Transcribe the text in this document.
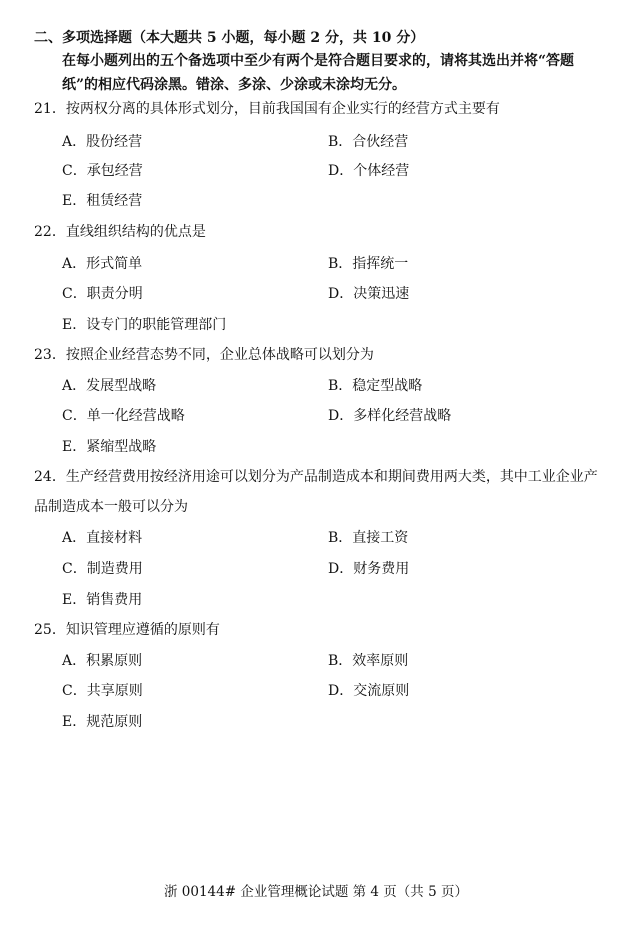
二、多项选择题（本大题共 5 小题，每小题 2 分，共 10 分）
在每小题列出的五个备选项中至少有两个是符合题目要求的，请将其选出并将“答题纸”的相应代码涂黑。错涂、多涂、少涂或未涂均无分。
21．按两权分离的具体形式划分，目前我国国有企业实行的经营方式主要有
A．股份经营	B．合伙经营
C．承包经营	D．个体经营
E．租赁经营
22．直线组织结构的优点是
A．形式简单	B．指挥统一
C．职责分明	D．决策迅速
E．设专门的职能管理部门
23．按照企业经营态势不同，企业总体战略可以划分为
A．发展型战略	B．稳定型战略
C．单一化经营战略	D．多样化经营战略
E．紧缩型战略
24．生产经营费用按经济用途可以划分为产品制造成本和期间费用两大类，其中工业企业产品制造成本一般可以分为
A．直接材料	B．直接工资
C．制造费用	D．财务费用
E．销售费用
25．知识管理应遵循的原则有
A．积累原则	B．效率原则
C．共享原则	D．交流原则
E．规范原则
浙 00144# 企业管理概论试题 第 4 页（共 5 页）
